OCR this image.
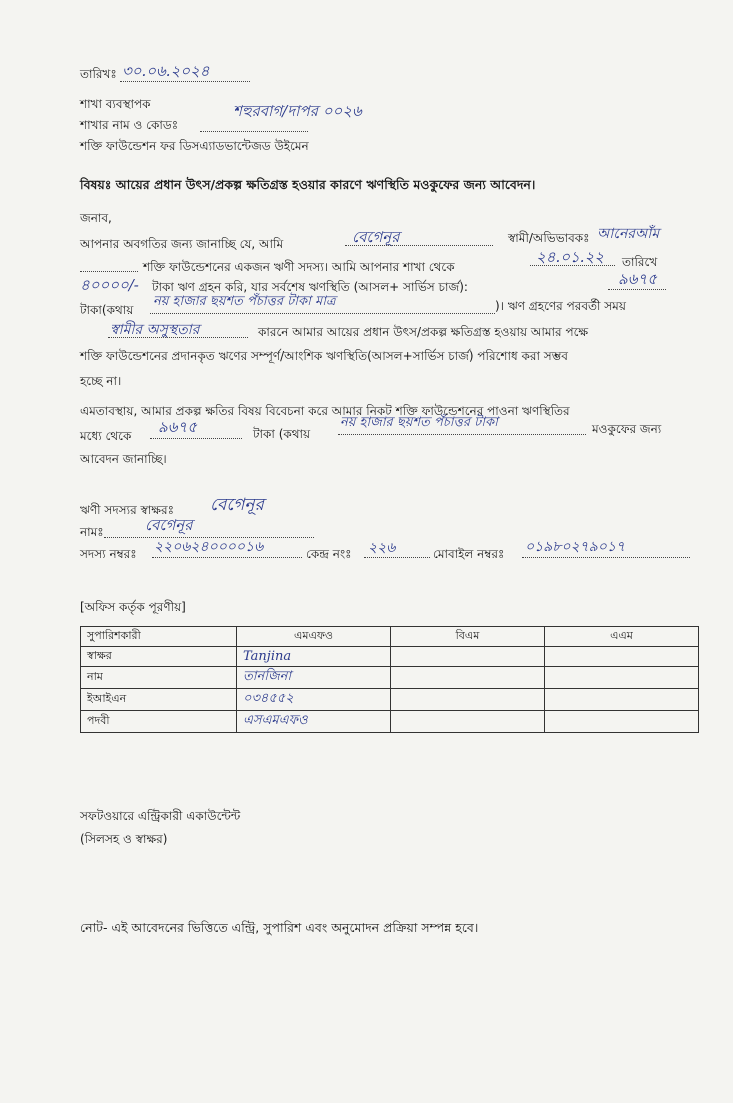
তারিখঃ ৩০.০৬.২০২৪
শাখা ব্যবস্থাপক
শাখার নাম ও কোডঃ
শহুরবাগ/দাপর ০০২৬
শক্তি ফাউন্ডেশন ফর ডিসএ্যাডভান্টেজড উইমেন
বিষয়ঃ আয়ের প্রধান উৎস/প্রকল্প ক্ষতিগ্রস্ত হওয়ার কারণে ঋণস্থিতি মওকুফের জন্য আবেদন।
জনাব,
আপনার অবগতির জন্য জানাচ্ছি যে, আমি	বেগেনূর	স্বামী/অভিভাবকঃ আনেরআঁম
শক্তি ফাউন্ডেশনের একজন ঋণী সদস্য। আমি আপনার শাখা থেকে
২৪.০১.২২ তারিখে
৪০০০০/- টাকা ঋণ গ্রহন করি, যার সর্বশেষ ঋণস্থিতি (আসল+ সার্ভিস চার্জ):	৯৬৭৫
টাকা(কথায়
নয় হাজার ছয়শত পঁচাত্তর টাকা মাত্র	)। ঋণ গ্রহণের পরবর্তী সময়
স্বামীর অসুস্থতার	কারনে আমার আয়ের প্রধান উৎস/প্রকল্প ক্ষতিগ্রস্ত হওয়ায় আমার পক্ষে
শক্তি ফাউন্ডেশনের প্রদানকৃত ঋণের সম্পূর্ণ/আংশিক ঋণস্থিতি(আসল+সার্ভিস চার্জ) পরিশোধ করা সম্ভব
হচ্ছে না।
এমতাবস্থায়, আমার প্রকল্প ক্ষতির বিষয় বিবেচনা করে আমার নিকট শক্তি ফাউন্ডেশনের পাওনা ঋণস্থিতির
মধ্যে থেকে ৯৬৭৫	টাকা (কথায়
নয় হাজার ছয়শত পঁচাত্তর টাকা	মওকুফের জন্য
আবেদন জানাচ্ছি।
ঋণী সদস্যর স্বাক্ষরঃ বেগেনূর
নামঃ	বেগেনূর
সদস্য নম্বরঃ ২২০৬২৪০০০০১৬	কেন্দ্র নংঃ ২২৬	মোবাইল নম্বরঃ ০১৯৮০২৭৯০১৭
[অফিস কর্তৃক পূরণীয়]
সুপারিশকারী	এমএফও	বিএম	এএম
স্বাক্ষর	Tanjina		
নাম	তানজিনা		
ইআইএন	০৩৪৫৫২		
পদবী	এসএমএফও		
সফটওয়ারে এন্ট্রিকারী একাউন্টেন্ট
(সিলসহ ও স্বাক্ষর)
নোট- এই আবেদনের ভিত্তিতে এন্ট্রি, সুপারিশ এবং অনুমোদন প্রক্রিয়া সম্পন্ন হবে।
